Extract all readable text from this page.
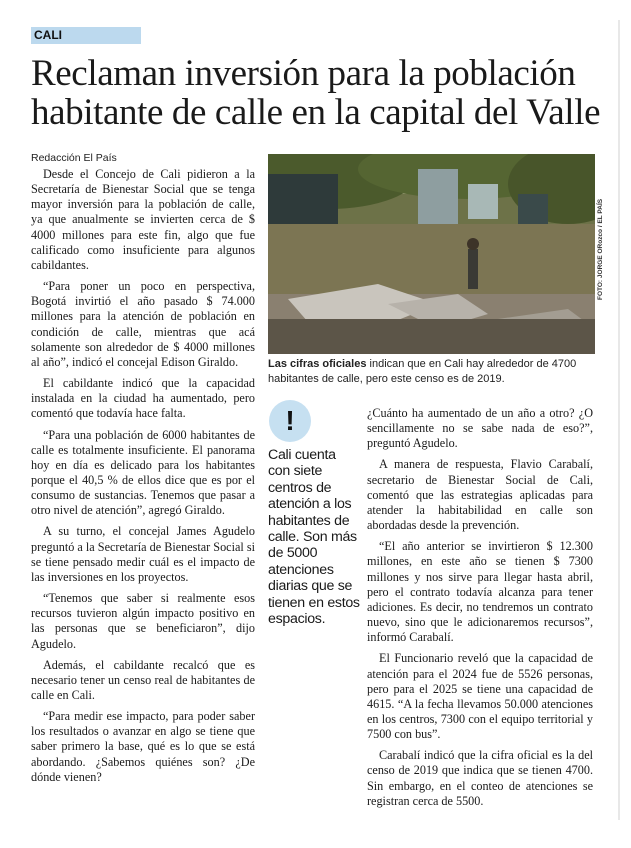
CALI
Reclaman inversión para la población habitante de calle en la capital del Valle
Redacción El País

Desde el Concejo de Cali pidieron a la Secretaría de Bienestar Social que se tenga mayor inversión para la población de calle, ya que anualmente se invierten cerca de $ 4000 millones para este fin, algo que fue calificado como insuficiente para algunos cabildantes.

“Para poner un poco en perspectiva, Bogotá invirtió el año pasado $ 74.000 millones para la atención de población en condición de calle, mientras que acá solamente son alrededor de $ 4000 millones al año”, indicó el concejal Edison Giraldo.

El cabildante indicó que la capacidad instalada en la ciudad ha aumentado, pero comentó que todavía hace falta.

“Para una población de 6000 habitantes de calle es totalmente insuficiente. El panorama hoy en día es delicado para los habitantes porque el 40,5 % de ellos dice que es por el consumo de sustancias. Tenemos que pasar a otro nivel de atención”, agregó Giraldo.

A su turno, el concejal James Agudelo preguntó a la Secretaría de Bienestar Social si se tiene pensado medir cuál es el impacto de las inversiones en los proyectos.

“Tenemos que saber si realmente esos recursos tuvieron algún impacto positivo en las personas que se beneficiaron”, dijo Agudelo.

Además, el cabildante recalcó que es necesario tener un censo real de habitantes de calle en Cali.

“Para medir ese impacto, para poder saber los resultados o avanzar en algo se tiene que saber primero la base, qué es lo que se está abordando. ¿Sabemos quiénes son? ¿De dónde vienen?

FOTO: JORGE ORozco / EL PAÍS
Las cifras oficiales indican que en Cali hay alrededor de 4700 habitantes de calle, pero este censo es de 2019.
!
Cali cuenta con siete centros de atención a los habitantes de calle. Son más de 5000 atenciones diarias que se tienen en estos espacios.

¿Cuánto ha aumentado de un año a otro? ¿O sencillamente no se sabe nada de eso?”, preguntó Agudelo.

A manera de respuesta, Flavio Carabalí, secretario de Bienestar Social de Cali, comentó que las estrategias aplicadas para atender la habitabilidad en calle son abordadas desde la prevención.

“El año anterior se invirtieron $ 12.300 millones, en este año se tienen $ 7300 millones y nos sirve para llegar hasta abril, pero el contrato todavía alcanza para tener adiciones. Es decir, no tendremos un contrato nuevo, sino que le adicionaremos recursos”, informó Carabalí.

El Funcionario reveló que la capacidad de atención para el 2024 fue de 5526 personas, pero para el 2025 se tiene una capacidad de 4615. “A la fecha llevamos 50.000 atenciones en los centros, 7300 con el equipo territorial y 7500 con bus”.

Carabalí indicó que la cifra oficial es la del censo de 2019 que indica que se tienen 4700. Sin embargo, en el conteo de atenciones se registran cerca de 5500.
